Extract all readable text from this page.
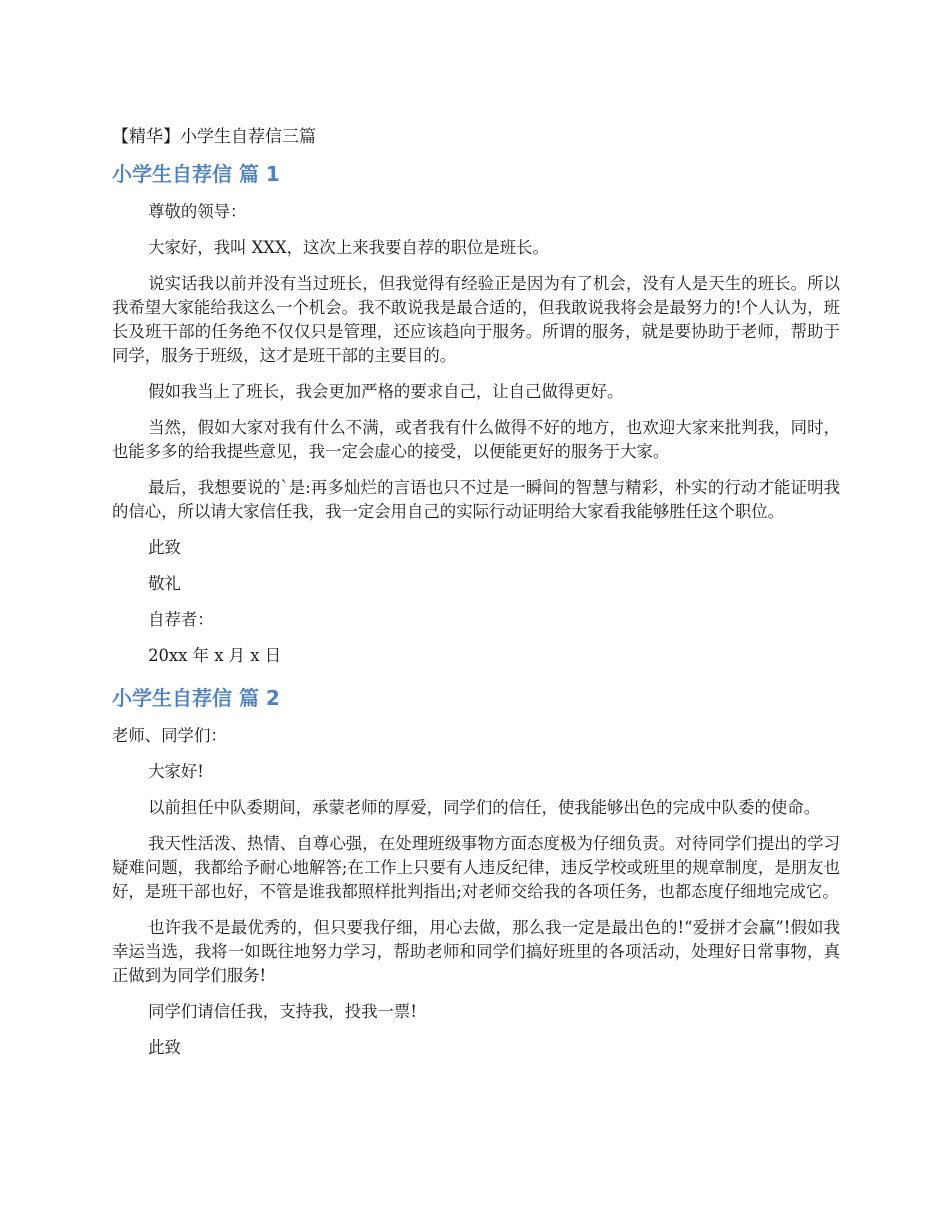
【精华】小学生自荐信三篇
小学生自荐信 篇 1

尊敬的领导：

大家好，我叫 XXX，这次上来我要自荐的职位是班长。

说实话我以前并没有当过班长，但我觉得有经验正是因为有了机会，没有人是天生的班长。所以我希望大家能给我这么一个机会。我不敢说我是最合适的，但我敢说我将会是最努力的!个人认为，班长及班干部的任务绝不仅仅只是管理，还应该趋向于服务。所谓的服务，就是要协助于老师，帮助于同学，服务于班级，这才是班干部的主要目的。

假如我当上了班长，我会更加严格的要求自己，让自己做得更好。

当然，假如大家对我有什么不满，或者我有什么做得不好的地方，也欢迎大家来批判我，同时，也能多多的给我提些意见，我一定会虚心的接受，以便能更好的服务于大家。

最后，我想要说的`是:再多灿烂的言语也只不过是一瞬间的智慧与精彩，朴实的行动才能证明我的信心，所以请大家信任我，我一定会用自己的实际行动证明给大家看我能够胜任这个职位。

此致

敬礼

自荐者：

20xx 年 x 月 x 日

小学生自荐信 篇 2

老师、同学们：

大家好!

以前担任中队委期间，承蒙老师的厚爱，同学们的信任，使我能够出色的完成中队委的使命。

我天性活泼、热情、自尊心强，在处理班级事物方面态度极为仔细负责。对待同学们提出的学习疑难问题，我都给予耐心地解答;在工作上只要有人违反纪律，违反学校或班里的规章制度，是朋友也好，是班干部也好，不管是谁我都照样批判指出;对老师交给我的各项任务，也都态度仔细地完成它。

也许我不是最优秀的，但只要我仔细，用心去做，那么我一定是最出色的!“爱拼才会赢”!假如我幸运当选，我将一如既往地努力学习，帮助老师和同学们搞好班里的各项活动，处理好日常事物，真正做到为同学们服务!

同学们请信任我，支持我，投我一票!

此致
